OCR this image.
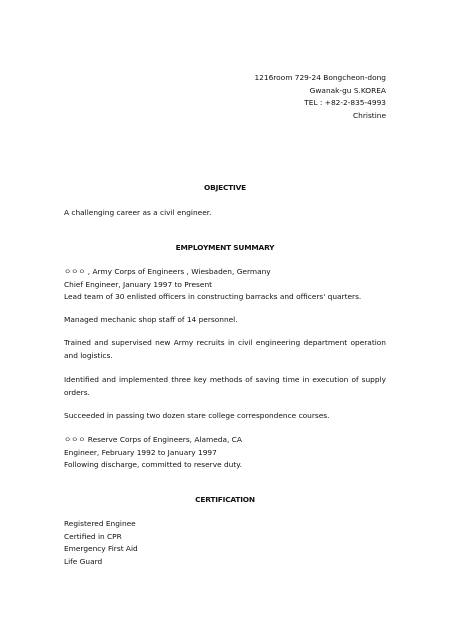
1216room 729-24 Bongcheon-dong
Gwanak-gu S.KOREA
TEL : +82-2-835-4993
Christine
OBJECTIVE
A challenging career as a civil engineer.
EMPLOYMENT SUMMARY
ㅇㅇㅇ , Army Corps of Engineers , Wiesbaden, Germany
Chief Engineer, January 1997 to Present
Lead team of 30 enlisted officers in constructing barracks and officers' quarters.
Managed mechanic shop staff of 14 personnel.
Trained and supervised new Army recruits in civil engineering department operation and logistics.
Identified and implemented three key methods of saving time in execution of supply orders.
Succeeded in passing two dozen stare college correspondence courses.
ㅇㅇㅇ Reserve Corps of Engineers, Alameda, CA
Engineer, February 1992 to January 1997
Following discharge, committed to reserve duty.
CERTIFICATION
Registered Enginee
Certified in CPR
Emergency First Aid
Life Guard
